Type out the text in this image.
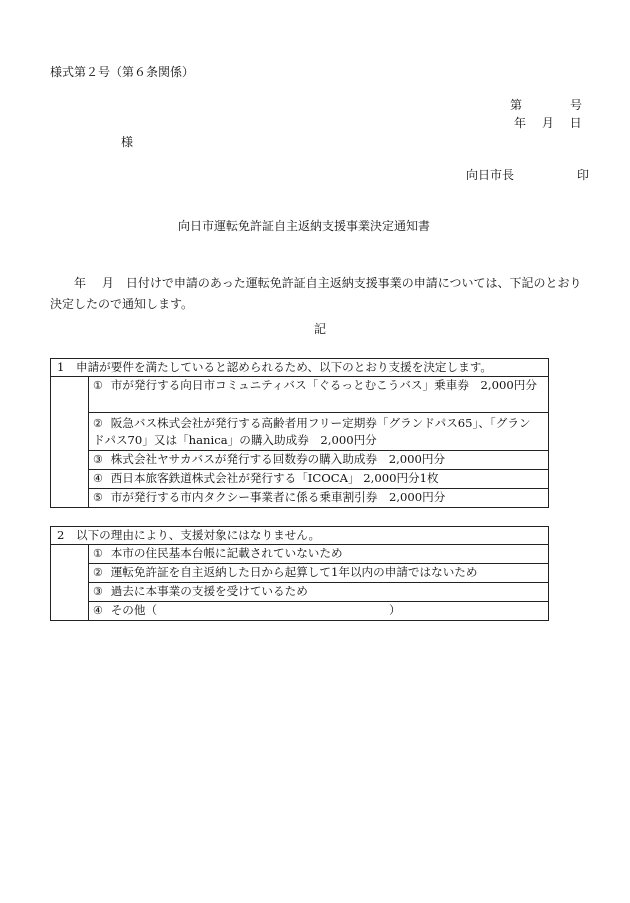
様式第２号（第６条関係）
第　　　　号
年　 月　 日
様
向日市長	印
向日市運転免許証自主返納支援事業決定通知書
年　 月　日付けで申請のあった運転免許証自主返納支援事業の申請については、下記のとおり決定したので通知します。
記
1　申請が要件を満たしていると認められるため、以下のとおり支援を決定します。	
	① 市が発行する向日市コミュニティバス「ぐるっとむこうバス」乗車券　2,000円分
	② 阪急バス株式会社が発行する高齢者用フリー定期券「グランドパス65」、「グランドパス70」又は「hanica」の購入助成券　2,000円分
	③ 株式会社ヤサカバスが発行する回数券の購入助成券　2,000円分
	④ 西日本旅客鉄道株式会社が発行する「ICOCA」 2,000円分1枚
	⑤ 市が発行する市内タクシー事業者に係る乗車割引券　2,000円分
2　以下の理由により、支援対象にはなりません。	
	① 本市の住民基本台帳に記載されていないため
	② 運転免許証を自主返納した日から起算して1年以内の申請ではないため
	③ 過去に本事業の支援を受けているため
	④ その他（　　　　　　　　　　　　　　　　　　　　）
